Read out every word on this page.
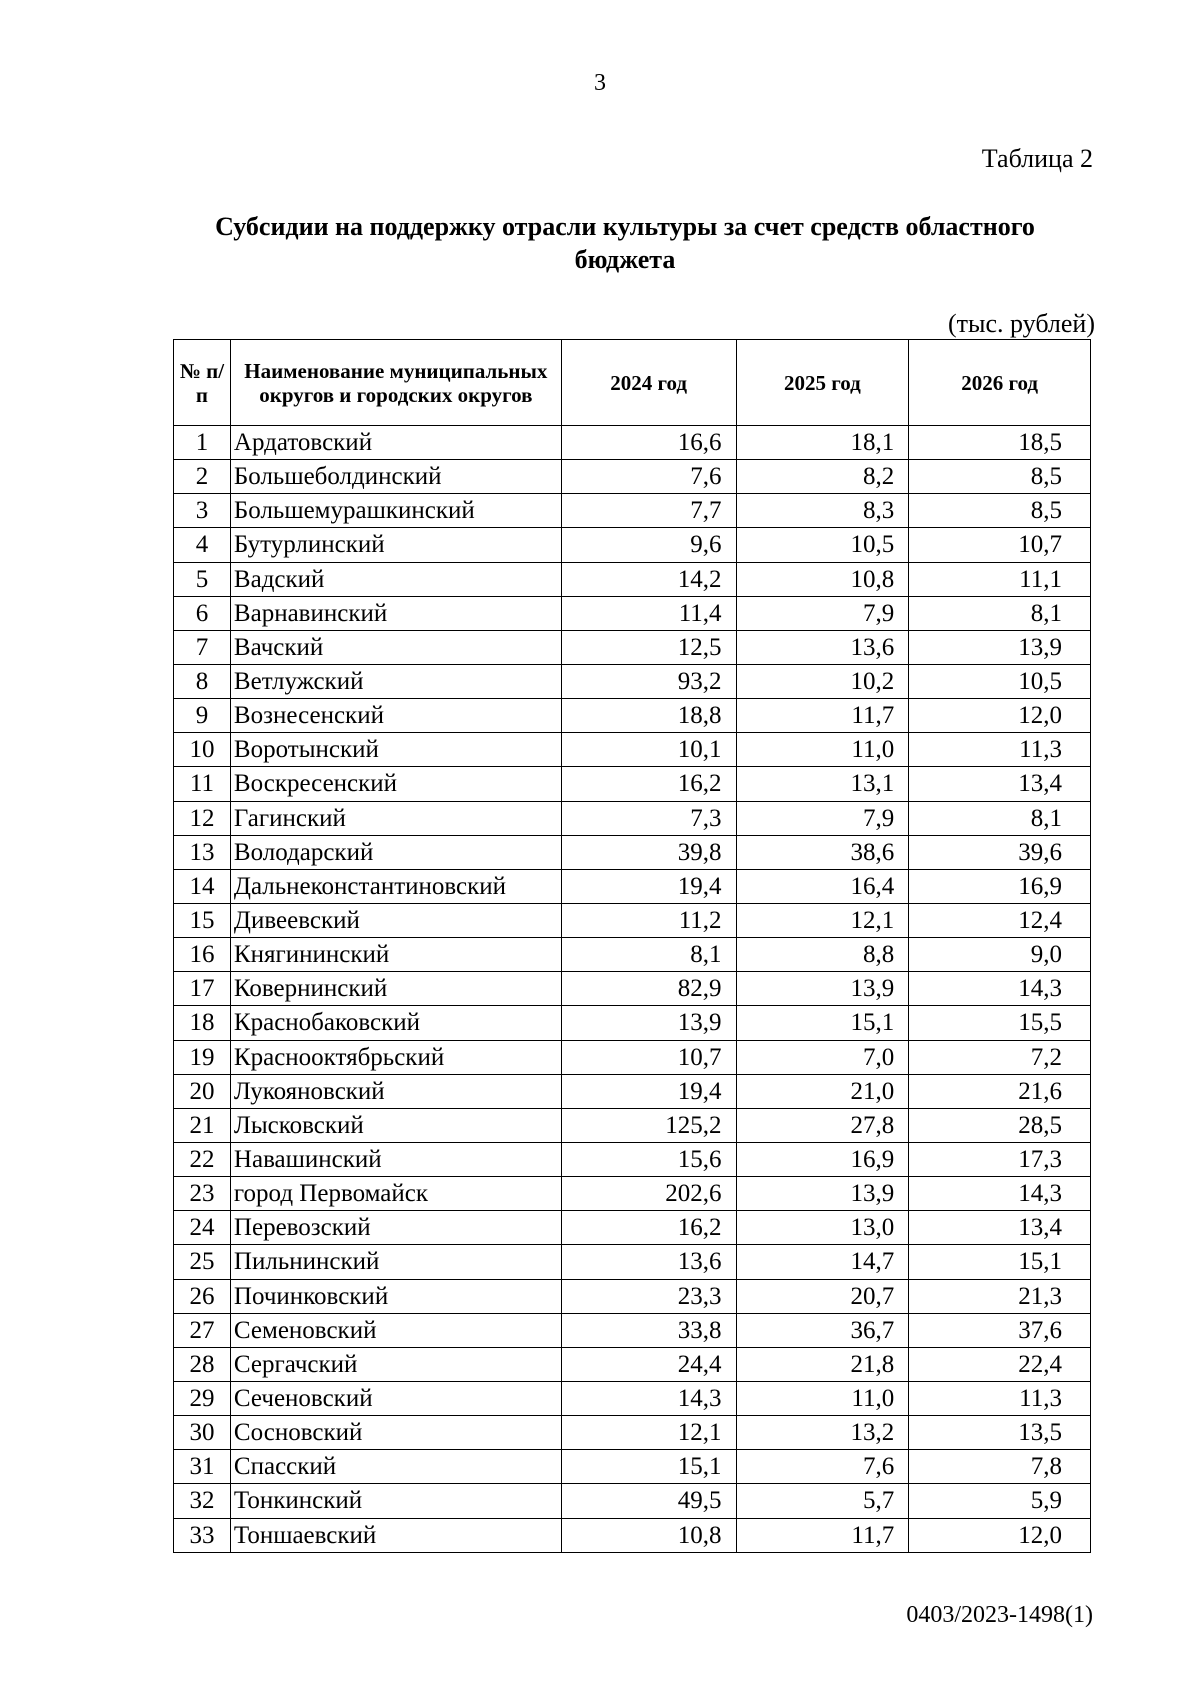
3
Таблица 2
Субсидии на поддержку отрасли культуры за счет средств областного
бюджета
(тыс. рублей)
№ п/п	Наименование муниципальных округов и городских округов	2024 год	2025 год	2026 год
1	Ардатовский	16,6	18,1	18,5
2	Большеболдинский	7,6	8,2	8,5
3	Большемурашкинский	7,7	8,3	8,5
4	Бутурлинский	9,6	10,5	10,7
5	Вадский	14,2	10,8	11,1
6	Варнавинский	11,4	7,9	8,1
7	Вачский	12,5	13,6	13,9
8	Ветлужский	93,2	10,2	10,5
9	Вознесенский	18,8	11,7	12,0
10	Воротынский	10,1	11,0	11,3
11	Воскресенский	16,2	13,1	13,4
12	Гагинский	7,3	7,9	8,1
13	Володарский	39,8	38,6	39,6
14	Дальнеконстантиновский	19,4	16,4	16,9
15	Дивеевский	11,2	12,1	12,4
16	Княгининский	8,1	8,8	9,0
17	Ковернинский	82,9	13,9	14,3
18	Краснобаковский	13,9	15,1	15,5
19	Краснооктябрьский	10,7	7,0	7,2
20	Лукояновский	19,4	21,0	21,6
21	Лысковский	125,2	27,8	28,5
22	Навашинский	15,6	16,9	17,3
23	город Первомайск	202,6	13,9	14,3
24	Перевозский	16,2	13,0	13,4
25	Пильнинский	13,6	14,7	15,1
26	Починковский	23,3	20,7	21,3
27	Семеновский	33,8	36,7	37,6
28	Сергачский	24,4	21,8	22,4
29	Сеченовский	14,3	11,0	11,3
30	Сосновский	12,1	13,2	13,5
31	Спасский	15,1	7,6	7,8
32	Тонкинский	49,5	5,7	5,9
33	Тоншаевский	10,8	11,7	12,0
0403/2023-1498(1)
